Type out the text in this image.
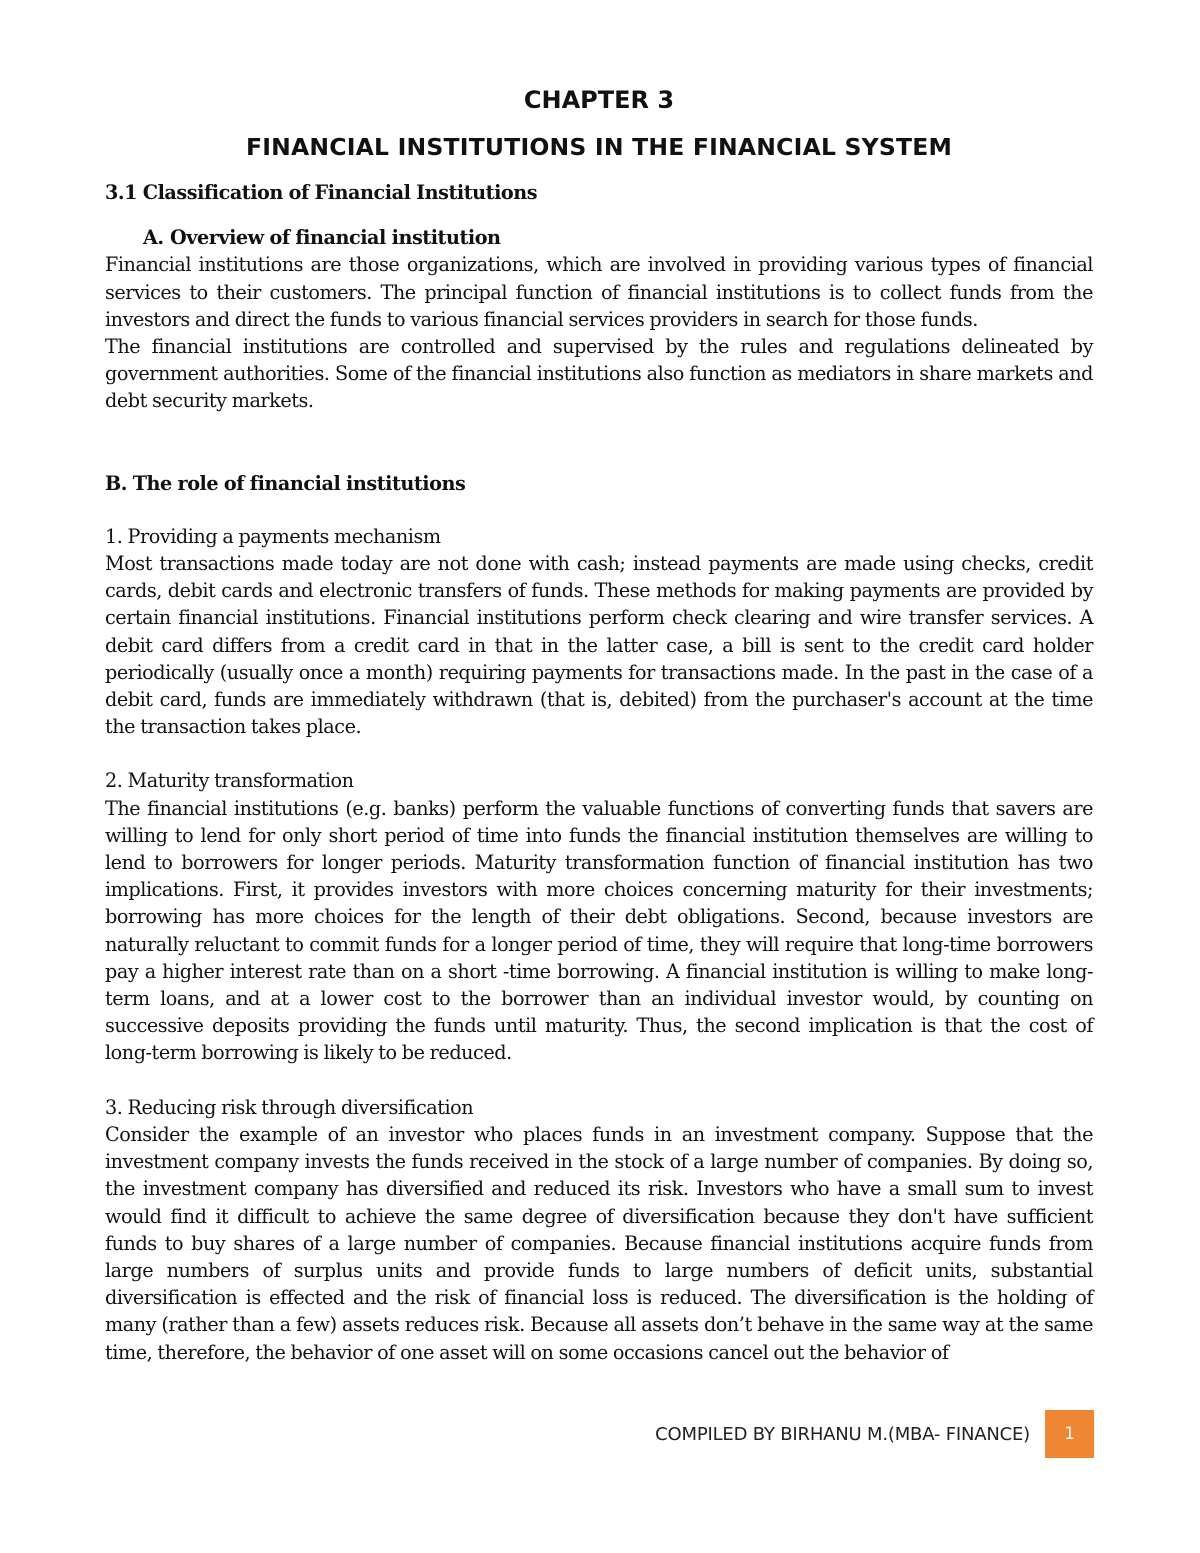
CHAPTER 3
FINANCIAL INSTITUTIONS IN THE FINANCIAL SYSTEM
3.1 Classification of Financial Institutions
A. Overview of financial institution

Financial institutions are those organizations, which are involved in providing various types of financial services to their customers. The principal function of financial institutions is to collect funds from the investors and direct the funds to various financial services providers in search for those funds.

The financial institutions are controlled and supervised by the rules and regulations delineated by government authorities. Some of the financial institutions also function as mediators in share markets and debt security markets.

B. The role of financial institutions
1. Providing a payments mechanism

Most transactions made today are not done with cash; instead payments are made using checks, credit cards, debit cards and electronic transfers of funds. These methods for making payments are provided by certain financial institutions. Financial institutions perform check clearing and wire transfer services. A debit card differs from a credit card in that in the latter case, a bill is sent to the credit card holder periodically (usually once a month) requiring payments for transactions made. In the past in the case of a debit card, funds are immediately withdrawn (that is, debited) from the purchaser's account at the time the transaction takes place.

2. Maturity transformation

The financial institutions (e.g. banks) perform the valuable functions of converting funds that savers are willing to lend for only short period of time into funds the financial institution themselves are willing to lend to borrowers for longer periods. Maturity transformation function of financial institution has two implications. First, it provides investors with more choices concerning maturity for their investments; borrowing has more choices for the length of their debt obligations. Second, because investors are naturally reluctant to commit funds for a longer period of time, they will require that long-time borrowers pay a higher interest rate than on a short -time borrowing. A financial institution is willing to make long-term loans, and at a lower cost to the borrower than an individual investor would, by counting on successive deposits providing the funds until maturity. Thus, the second implication is that the cost of long-term borrowing is likely to be reduced.

3. Reducing risk through diversification

Consider the example of an investor who places funds in an investment company. Suppose that the investment company invests the funds received in the stock of a large number of companies. By doing so, the investment company has diversified and reduced its risk. Investors who have a small sum to invest would find it difficult to achieve the same degree of diversification because they don't have sufficient funds to buy shares of a large number of companies. Because financial institutions acquire funds from large numbers of surplus units and provide funds to large numbers of deficit units, substantial diversification is effected and the risk of financial loss is reduced. The diversification is the holding of many (rather than a few) assets reduces risk. Because all assets don’t behave in the same way at the same time, therefore, the behavior of one asset will on some occasions cancel out the behavior of

COMPILED BY BIRHANU M.(MBA- FINANCE)	1
